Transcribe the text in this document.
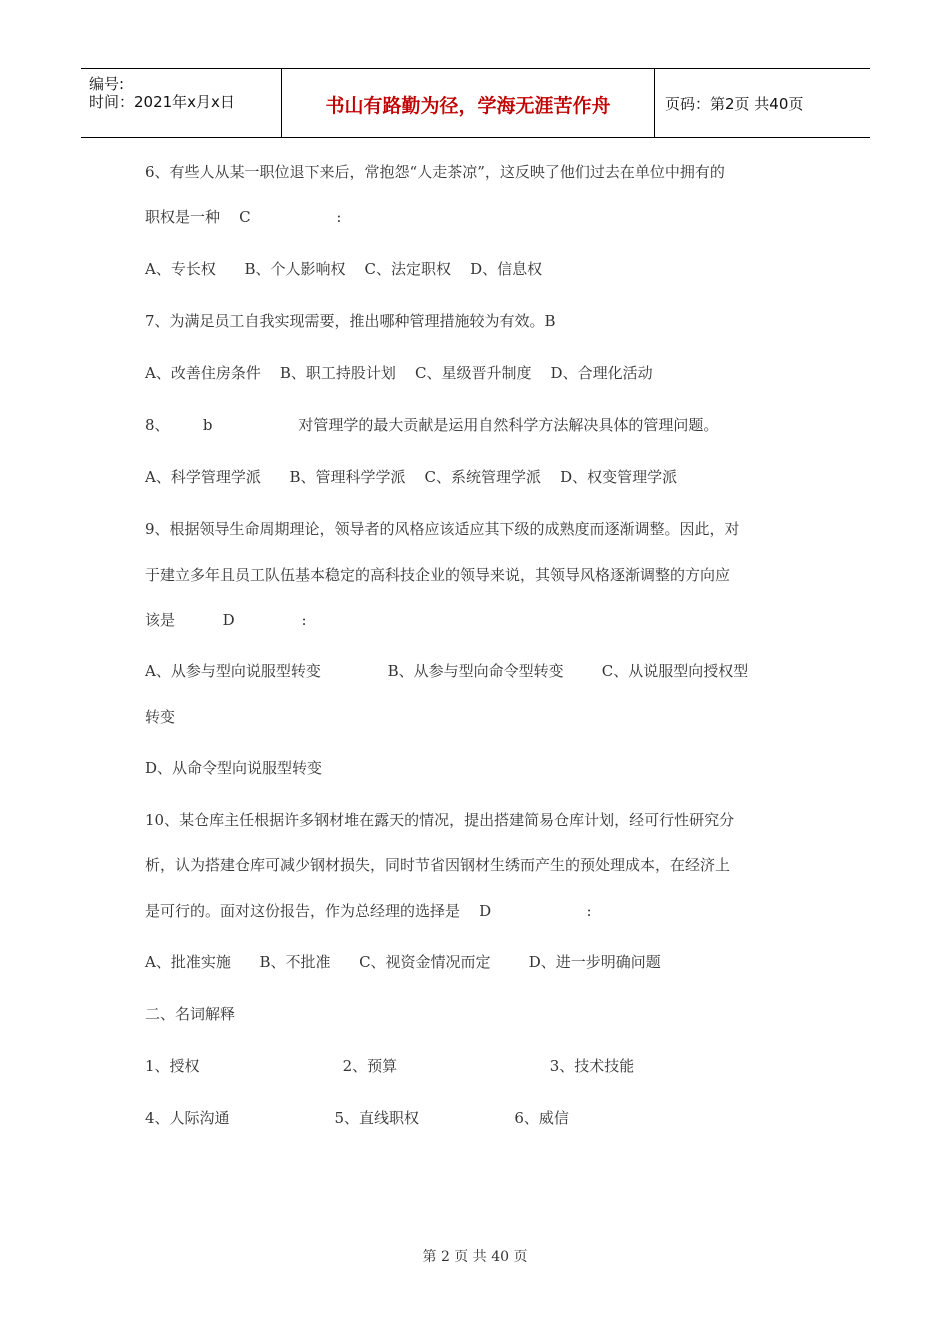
编号:
时间：2021年x月x日	书山有路勤为径，学海无涯苦作舟	页码：第2页 共40页
6、有些人从某一职位退下来后，常抱怨“人走茶凉”，这反映了他们过去在单位中拥有的
职权是一种    C                  :
A、专长权      B、个人影响权    C、法定职权    D、信息权
7、为满足员工自我实现需要，推出哪种管理措施较为有效。B
A、改善住房条件    B、职工持股计划    C、星级晋升制度    D、合理化活动
8、       b                  对管理学的最大贡献是运用自然科学方法解决具体的管理问题。
A、科学管理学派      B、管理科学学派    C、系统管理学派    D、权变管理学派
9、根据领导生命周期理论，领导者的风格应该适应其下级的成熟度而逐渐调整。因此，对
于建立多年且员工队伍基本稳定的高科技企业的领导来说，其领导风格逐渐调整的方向应
该是          D              :
A、从参与型向说服型转变              B、从参与型向命令型转变        C、从说服型向授权型
转变
D、从命令型向说服型转变
10、某仓库主任根据许多钢材堆在露天的情况，提出搭建简易仓库计划，经可行性研究分
析，认为搭建仓库可减少钢材损失，同时节省因钢材生绣而产生的预处理成本，在经济上
是可行的。面对这份报告，作为总经理的选择是    D                    :
A、批准实施      B、不批准      C、视资金情况而定        D、进一步明确问题
二、名词解释
1、授权                              2、预算                                3、技术技能
4、人际沟通                      5、直线职权                    6、威信
第 2 页 共 40 页
